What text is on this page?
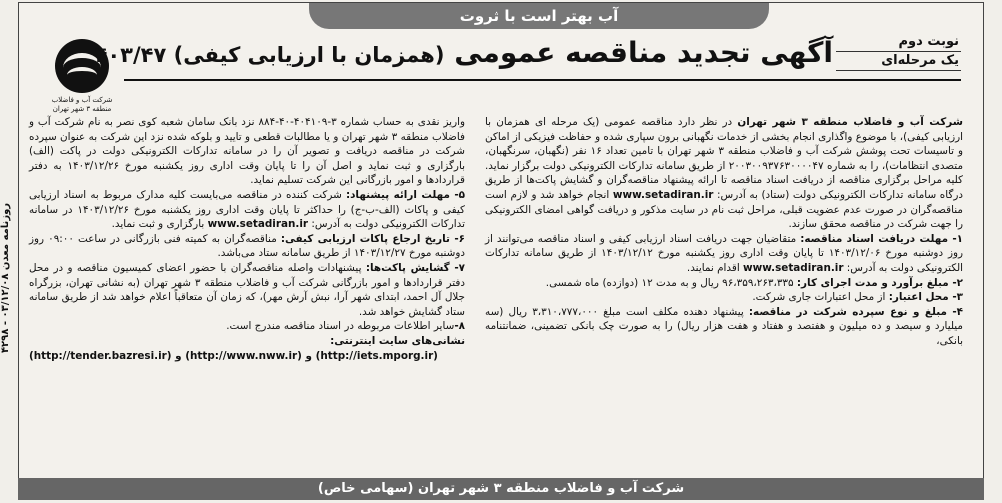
آب بهتر است با ثروت
شرکت آب و فاضلاب
منطقه ۳ شهر تهران
آگهی تجدید مناقصه عمومی (همزمان با ارزیابی کیفی) ۴۰۳/۴۷
نوبت دوم
یک مرحله‌ای

شرکت آب و فاضلاب منطقه ۳ شهر تهران در نظر دارد مناقصه عمومی (یک مرحله ای همزمان با ارزیابی کیفی)، با موضوع واگذاری انجام بخشی از خدمات نگهبانی برون سپاری شده و حفاظت فیزیکی از اماکن و تاسیسات تحت پوشش شرکت آب و فاضلاب منطقه ۳ شهر تهران با تامین تعداد ۱۶ نفر (نگهبان، سرنگهبان، متصدی انتظامات)، را به شماره ۲۰۰۳۰۰۹۳۷۶۳۰۰۰۰۴۷ از طریق سامانه تدارکات الکترونیکی دولت برگزار نماید. کلیه مراحل برگزاری مناقصه از دریافت اسناد مناقصه تا ارائه پیشنهاد مناقصه‌گران و گشایش پاکت‌ها از طریق درگاه سامانه تدارکات الکترونیکی دولت (ستاد) به آدرس: www.setadiran.ir انجام خواهد شد و لازم است مناقصه‌گران در صورت عدم عضویت قبلی، مراحل ثبت نام در سایت مذکور و دریافت گواهی امضای الکترونیکی را جهت شرکت در مناقصه محقق سازند.

۱- مهلت دریافت اسناد مناقصه: متقاضیان جهت دریافت اسناد ارزیابی کیفی و اسناد مناقصه می‌توانند از روز دوشنبه مورخ ۱۴۰۳/۱۲/۰۶ تا پایان وقت اداری روز یکشنبه مورخ ۱۴۰۳/۱۲/۱۲ از طریق سامانه تدارکات الکترونیکی دولت به آدرس: www.setadiran.ir اقدام نمایند.

۲- مبلغ برآورد و مدت اجرای کار: ۹۶،۳۵۹،۲۶۳،۳۳۵ ریال و به مدت ۱۲ (دوازده) ماه شمسی.

۳- محل اعتبار: از محل اعتبارات جاری شرکت.

۴- مبلغ و نوع سپرده شرکت در مناقصه: پیشنهاد دهنده مکلف است مبلغ ۳،۳۱۰،۷۷۷،۰۰۰ ریال (سه میلیارد و سیصد و ده میلیون و هفتصد و هفتاد و هفت هزار ریال) را به صورت چک بانکی تضمینی، ضمانتنامه بانکی،

واریز نقدی به حساب شماره ۳-۴۰۴۱۰۹-۴۰-۸۸۴ نزد بانک سامان شعبه کوی نصر به نام شرکت آب و فاضلاب منطقه ۳ شهر تهران و یا مطالبات قطعی و تایید و بلوکه شده نزد این شرکت به عنوان سپرده شرکت در مناقصه دریافت و تصویر آن را در سامانه تدارکات الکترونیکی دولت در پاکت (الف) بارگزاری و ثبت نماید و اصل آن را تا پایان وقت اداری روز یکشنبه مورخ ۱۴۰۳/۱۲/۲۶ به دفتر قراردادها و امور بازرگانی این شرکت تسلیم نماید.

۵- مهلت ارائه پیشنهاد: شرکت کننده در مناقصه می‌بایست کلیه مدارک مربوط به اسناد ارزیابی کیفی و پاکات (الف-ب-ج) را حداکثر تا پایان وقت اداری روز یکشنبه مورخ ۱۴۰۳/۱۲/۲۶ در سامانه تدارکات الکترونیکی دولت به آدرس: www.setadiran.ir بارگزاری و ثبت نماید.

۶- تاریخ ارجاع پاکات ارزیابی کیفی: مناقصه‌گران به کمیته فنی بازرگانی در ساعت ۰۹:۰۰ روز دوشنبه مورخ ۱۴۰۳/۱۲/۲۷ از طریق سامانه ستاد می‌باشد.

۷- گشایش پاکت‌ها: پیشنهادات واصله مناقصه‌گران با حضور اعضای کمیسیون مناقصه و در محل دفتر قراردادها و امور بازرگانی شرکت آب و فاضلاب منطقه ۳ شهر تهران (به نشانی تهران، بزرگراه جلال آل احمد، ابتدای شهر آرا، نبش آرش مهر)، که زمان آن متعاقباً اعلام خواهد شد از طریق سامانه ستاد گشایش خواهد شد.

۸-سایر اطلاعات مربوطه در اسناد مناقصه مندرج است.

نشانی‌های سایت اینترنتی:

(http://tender.bazresi.ir) و (http://www.nww.ir) و (http://iets.mporg.ir)

روزنامه معدن ۰۳/۱۲/۰۸ - ۴۲۹۸
شرکت آب و فاضلاب منطقه ۳ شهر تهران (سهامی خاص)
